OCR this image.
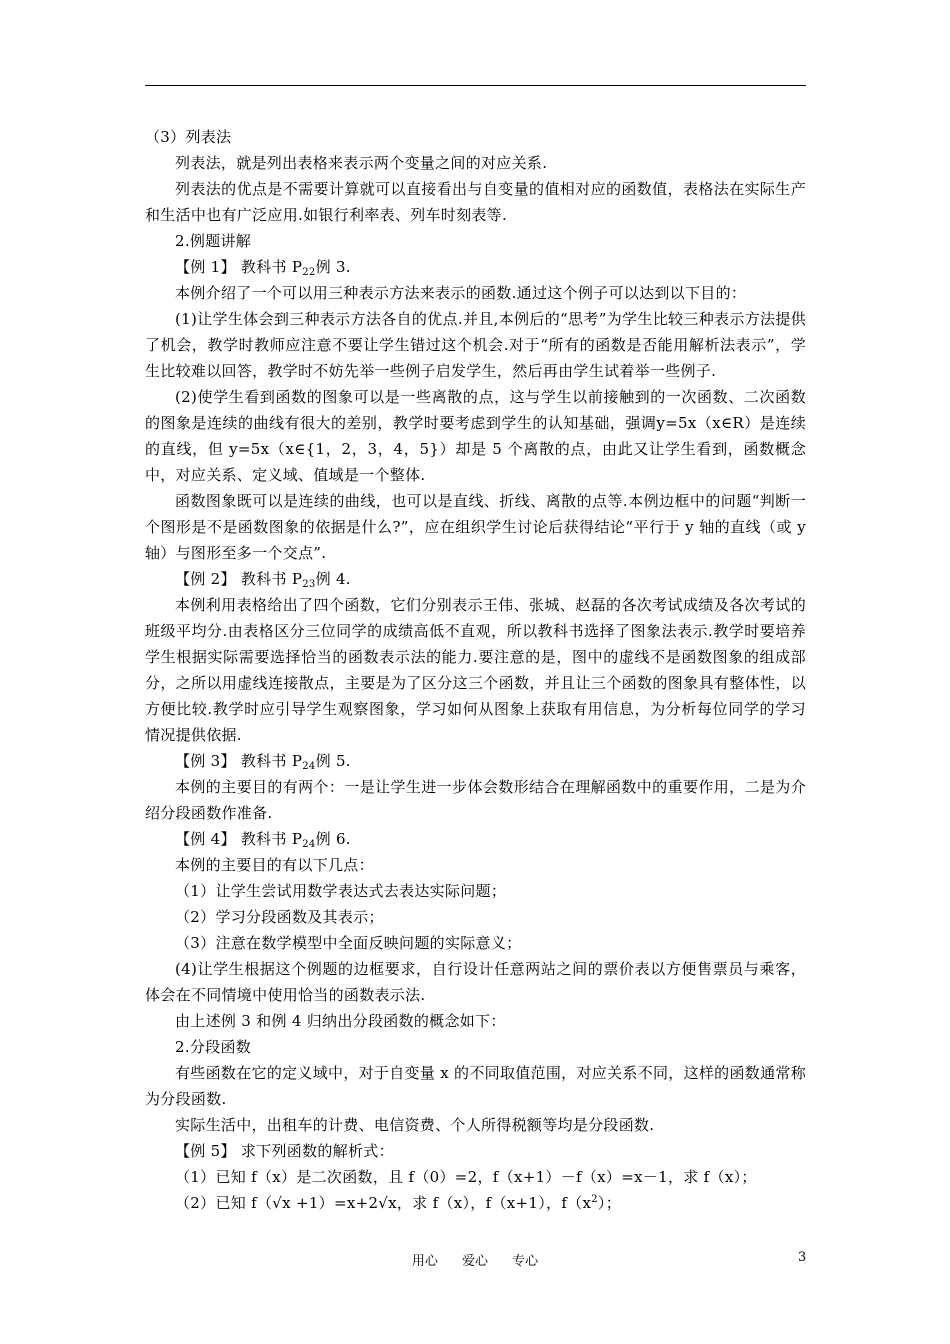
（3）列表法

列表法，就是列出表格来表示两个变量之间的对应关系.

列表法的优点是不需要计算就可以直接看出与自变量的值相对应的函数值，表格法在实际生产和生活中也有广泛应用.如银行利率表、列车时刻表等.

2.例题讲解

【例 1】 教科书 $P_{22}$例 3.

本例介绍了一个可以用三种表示方法来表示的函数.通过这个例子可以达到以下目的：

(1)让学生体会到三种表示方法各自的优点.并且,本例后的“思考”为学生比较三种表示方法提供了机会，教学时教师应注意不要让学生错过这个机会.对于“所有的函数是否能用解析法表示”，学生比较难以回答，教学时不妨先举一些例子启发学生，然后再由学生试着举一些例子.

(2)使学生看到函数的图象可以是一些离散的点，这与学生以前接触到的一次函数、二次函数的图象是连续的曲线有很大的差别，教学时要考虑到学生的认知基础，强调y=5x（x∈R）是连续的直线，但 y=5x（x∈{1，2，3，4，5}）却是 5 个离散的点，由此又让学生看到，函数概念中，对应关系、定义域、值域是一个整体.

函数图象既可以是连续的曲线，也可以是直线、折线、离散的点等.本例边框中的问题“判断一个图形是不是函数图象的依据是什么?”，应在组织学生讨论后获得结论“平行于 y 轴的直线（或 y 轴）与图形至多一个交点”.

【例 2】 教科书 $P_{23}$例 4.

本例利用表格给出了四个函数，它们分别表示王伟、张城、赵磊的各次考试成绩及各次考试的班级平均分.由表格区分三位同学的成绩高低不直观，所以教科书选择了图象法表示.教学时要培养学生根据实际需要选择恰当的函数表示法的能力.要注意的是，图中的虚线不是函数图象的组成部分，之所以用虚线连接散点，主要是为了区分这三个函数，并且让三个函数的图象具有整体性，以方便比较.教学时应引导学生观察图象，学习如何从图象上获取有用信息，为分析每位同学的学习情况提供依据.

【例 3】 教科书 $P_{24}$例 5.

本例的主要目的有两个：一是让学生进一步体会数形结合在理解函数中的重要作用，二是为介绍分段函数作准备.

【例 4】 教科书 $P_{24}$例 6.

本例的主要目的有以下几点：

（1）让学生尝试用数学表达式去表达实际问题；

（2）学习分段函数及其表示；

（3）注意在数学模型中全面反映问题的实际意义；

(4)让学生根据这个例题的边框要求，自行设计任意两站之间的票价表以方便售票员与乘客，体会在不同情境中使用恰当的函数表示法.

由上述例 3 和例 4 归纳出分段函数的概念如下：

2.分段函数

有些函数在它的定义域中，对于自变量 x 的不同取值范围，对应关系不同，这样的函数通常称为分段函数.

实际生活中，出租车的计费、电信资费、个人所得税额等均是分段函数.

【例 5】 求下列函数的解析式：

（1）已知 f（x）是二次函数，且 f（0）=2，f（x+1）－f（x）=x－1，求 f（x）；

（2）已知 f（√x +1）=x+2√x，求 f（x），f（x+1），$f(x^2)$；

用心 爱心 专心	3
